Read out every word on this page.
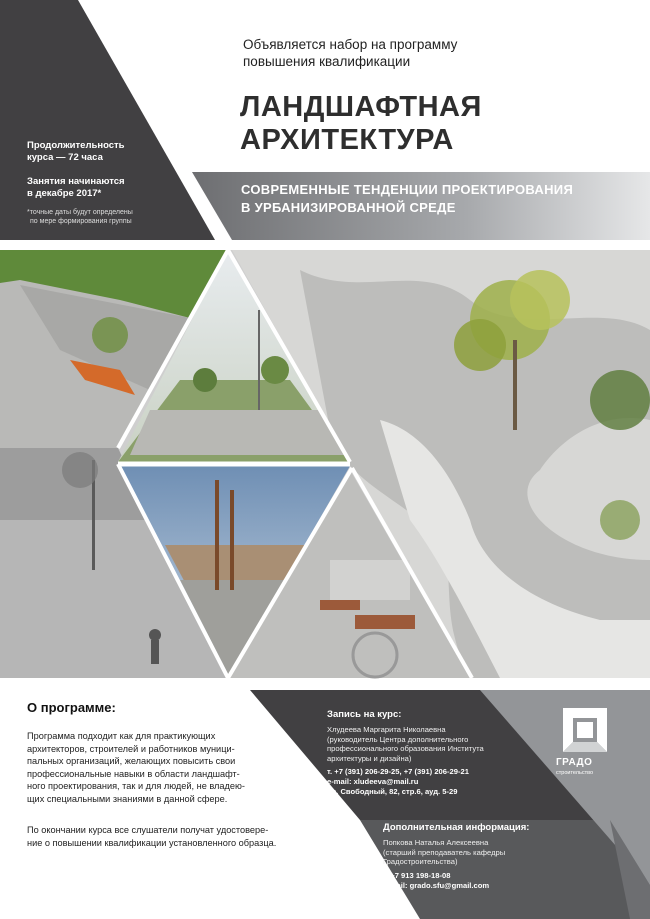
ГРАДО
строительство
Объявляется набор на программу
повышения квалификации
ЛАНДШАФТНАЯ
АРХИТЕКТУРА
СОВРЕМЕННЫЕ ТЕНДЕНЦИИ ПРОЕКТИРОВАНИЯ
В УРБАНИЗИРОВАННОЙ СРЕДЕ
Продолжительность
курса — 72 часа
Занятия начинаются
в декабре 2017*
*точные даты будут определены
по мере формирования группы
О программе:
Программа подходит как для практикующих
архитекторов, строителей и работников муници-
пальных организаций, желающих повысить свои
профессиональные навыки в области ландшафт-
ного проектирования, так и для людей, не владею-
щих специальными знаниями в данной сфере.
По окончании курса все слушатели получат удостовере-
ние о повышении квалификации установленного образца.
Запись на курс:
Хлудеева Маргарита Николаевна
(руководитель Центра дополнительного
профессионального образования Института
архитектуры и дизайна)
т. +7 (391) 206-29-25, +7 (391) 206-29-21
e-mail: xludeeva@mail.ru
пр. Свободный, 82, стр.6, ауд. 5-29
Дополнительная информация:
Попкова Наталья Алексеевна
(старший преподаватель кафедры
Градостроительства)
т. +7 913 198-18-08
e-mail: grado.sfu@gmail.com
